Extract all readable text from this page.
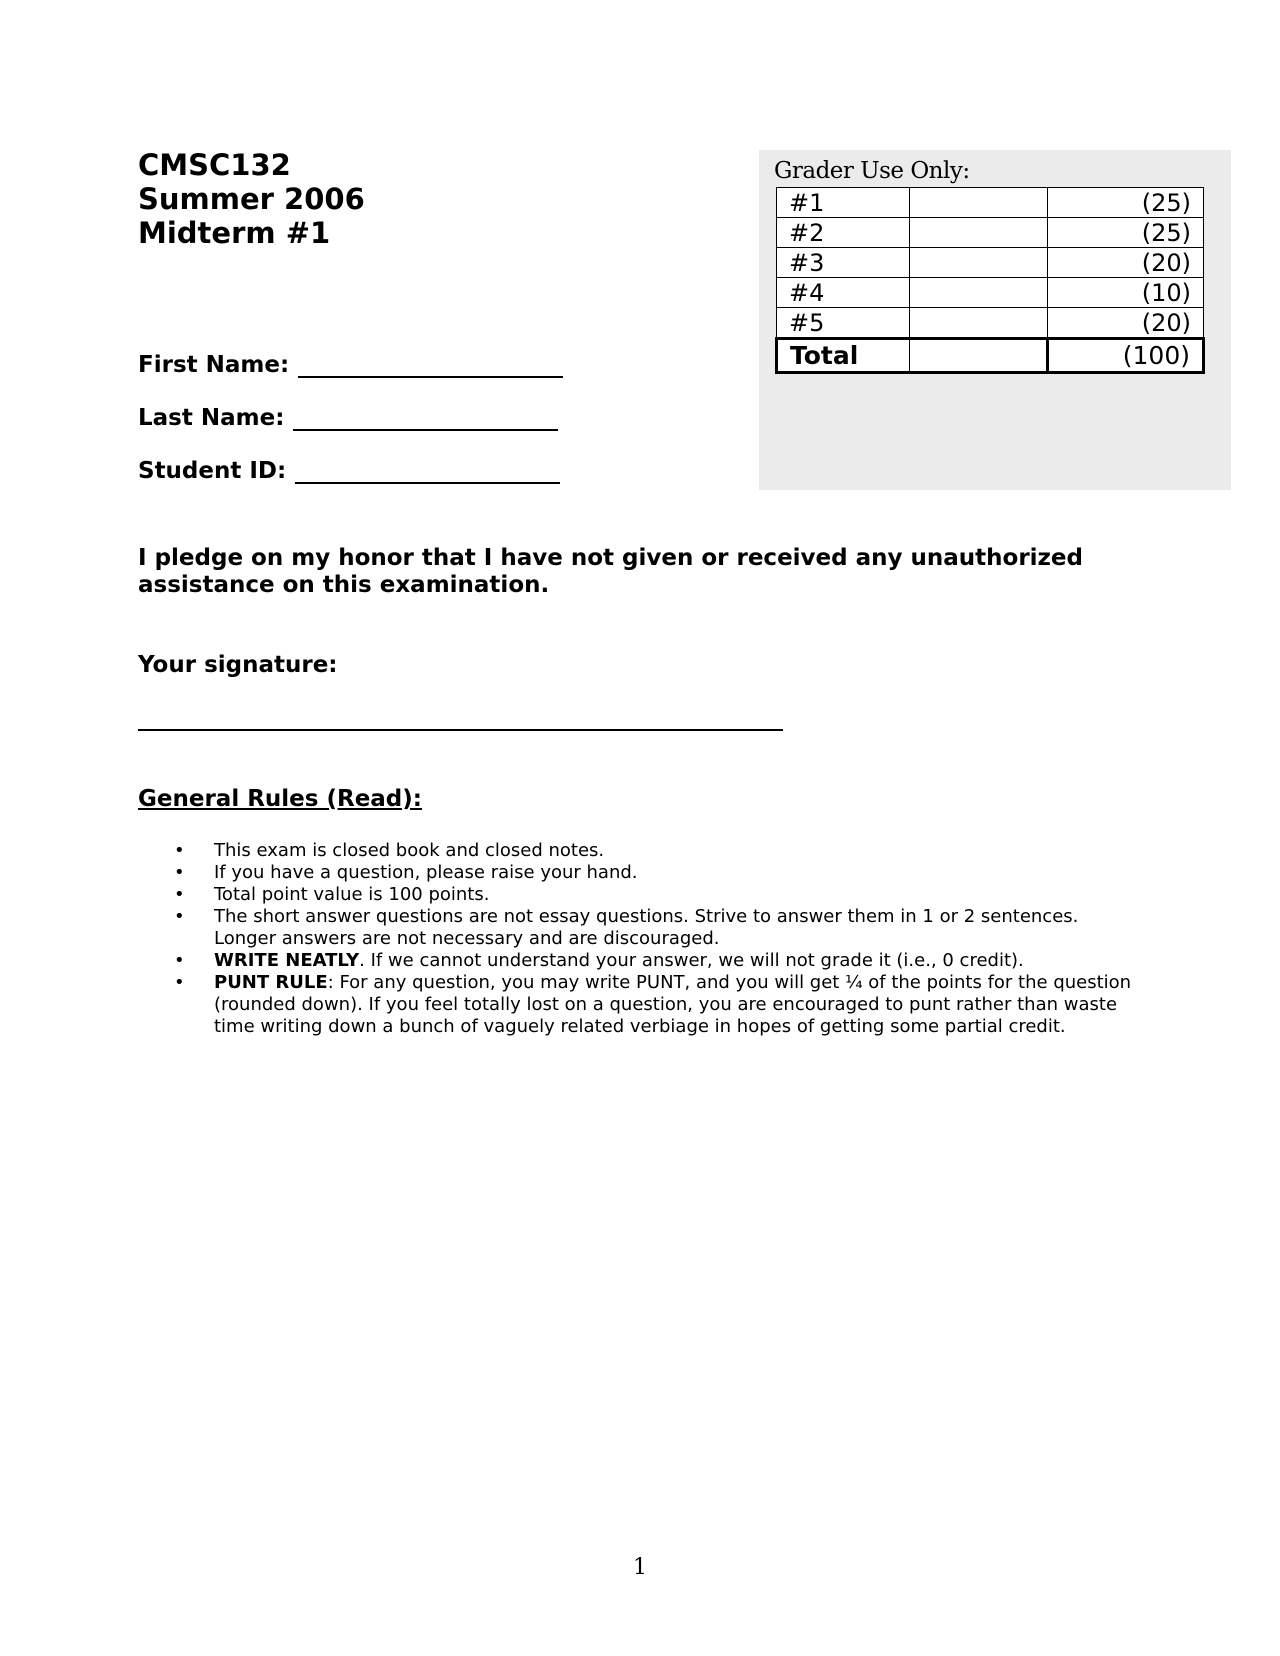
CMSC132
Summer 2006
Midterm #1
Grader Use Only:
#1		(25)
#2		(25)
#3		(20)
#4		(10)
#5		(20)
Total		(100)
First Name:
Last Name:
Student ID:
I pledge on my honor that I have not given or received any unauthorized assistance on this examination.
Your signature:
General Rules (Read):
• This exam is closed book and closed notes.
• If you have a question, please raise your hand.
• Total point value is 100 points.
• The short answer questions are not essay questions. Strive to answer them in 1 or 2 sentences. Longer answers are not necessary and are discouraged.
• WRITE NEATLY. If we cannot understand your answer, we will not grade it (i.e., 0 credit).
• PUNT RULE: For any question, you may write PUNT, and you will get ¼ of the points for the question (rounded down). If you feel totally lost on a question, you are encouraged to punt rather than waste time writing down a bunch of vaguely related verbiage in hopes of getting some partial credit.
1
